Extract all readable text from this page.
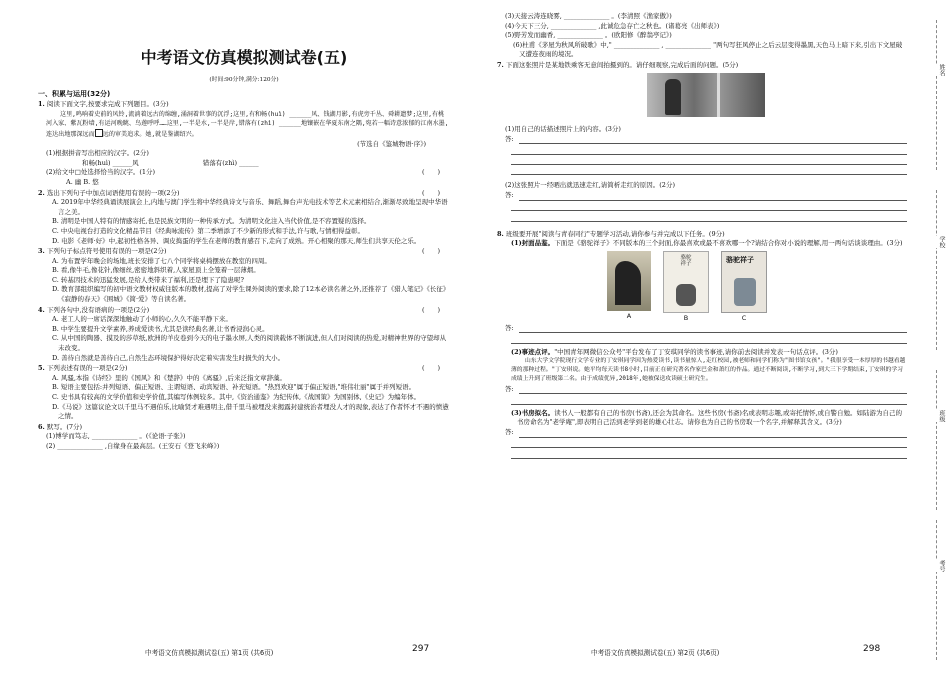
中考语文仿真模拟测试卷(五)
(时间:90分钟,满分:120分)
一、积累与运用(32分)
1. 阅读下面文字,按要求完成下列题目。(3分)
这里,鸣响着史前的风铃,流淌着远古的绵缠,涌洞着世事的沉浮;这里,有和畅(huì) ______风、钱湖月影,有虎旁千丛、舜耕遗梦;这里,有桃河入家、紫瓦粉墙,有运河晚眺、鸟莲呼呼……这里,一半是水,一半是岸,错落有(zhì) ______地镶嵌在华夏东南之隅,宛若一幅诗意浓郁的江南水墨,连达出地那深远而 远的审美追求。她,就是鉴湖绍兴。
(节选自《鉴城物语·序》)
(1)根据拼音写出相应的汉字。(2分)
和畅(huì) ______风	错落有(zhì) ______
(2)给文中□处选择恰当的汉字。(1分)	(　　)
A. 幽 B. 悠
2. 选出下列句子中加点词语使用有误的一项(2分)	(　　)
A. 2019年中华经典诵读展演会上,内地与澳门学生将中华经典诗文与音乐、舞蹈,舞台声光电技术等艺术元素相结合,渐渐尽致地呈现中华语言之美。
B. 清明是中国人特有的情感寄托,也是民族文明的一种传承方式。为清明文化注入当代价值,是不容置疑的选择。
C. 中央电视台打造的文化精品节目《经典咏流传》第二季增添了不少新的形式和手法,许与歌,与情相得益彰。
D. 电影《老师·好》中,起初性格各异、调皮捣蛋的学生在老师的教育感召下,走向了成熟。开心相聚的那天,师生们共享天伦之乐。
3. 下列句子标点符号使用有误的一项是(2分)	(　　)
A. 为布置学年晚会的场地,班长安排了七八个同学将桌椅摆放在教室的四周。
B. 看,像牛毛,像花针,像细丝,密密地斜织着,人家屋顶上全笼着一层薄烟。
C. 转基因技术的迅猛发展,是给人类带来了福利,还是埋下了隐患呢?
D. 教育部组织编写的初中语文教材权威往版本的教材,提高了对学生课外阅读的要求,除了12本必读名著之外,还推荐了《猎人笔记》《长征》《寂静的春天》《围城》《简·爱》等自读名著。
4. 下列各句中,没有语病的一项是(2分)	(　　)
A. 老工人的一席话深深地触动了小师的心,久久不能平静下来。
B. 中学生要提升文学素养,养成爱读书,尤其是读经典名著,让书香浸润心灵。
C. 从中国的陶器、摸及的莎草纸,欧洲的羊皮卷到今天的电子墨水屏,人类的阅读载体不断演进,但人们对阅读的热爱,对精神世界的守望却从未改变。
D. 善待自然就是善待自己,自然生态环境保护得好决定着实害发生时损失的大小。
5. 下列表述有误的一项是(2分)	(　　)
A. 风骚,本指《诗经》里的《国风》和《楚辞》中的《离骚》,后来泛指文章辞藻。
B. 短语主要包括:并列短语、偏正短语、主谓短语、动宾短语、补充短语。"热烈欢迎"属于偏正短语,"堆伟壮丽"属于并列短语。
C. 史书具有较高的文学价值和史学价值,其编写体例较多。其中,《资治通鉴》为纪传体,《战国策》为国别体,《史记》为编年体。
D.《马说》这篇议论文以千里马不遇伯乐,比喻贤才难遇明主,借千里马被埋没来揭露封建统治者埋没人才的现象,表达了作者怀才不遇的愤懑之情。
6. 默写。(7分)
(1)博学而笃志, ______________ 。(《论语·子张》)
(2) ______________ ,自缘身在最高层。(王安石《登飞来峰》)
中考语文仿真模拟测试卷(五) 第1页 (共6页)	297
(3)天接云涛连晓雾, ______________ 。(李清照《渔家傲》)
(4)今天下三分, ______________ ,此诚危急存亡之秋也。(诸葛亮《出师表》)
(5)野芳发而幽香, ______________ 。(欧阳修《醉翁亭记》)
(6)杜甫《茅屋为秋风所破歌》中," ______________ , ______________ "两句写狂风停止之后云层变得墨黑,天色马上暗下来,引出下文屋破又遭连夜雨的境况。
7. 下面这张照片是某地铁乘客无意间拍摄到的。请仔细观察,完成后面的问题。(5分)
(1)用自己的话描述照片上的内容。(3分)
答:
(2)这张照片一经晒出就迅速走红,请简析走红的原因。(2分)
答:
8. 班级要开展"阅读与青春同行"专题学习活动,请你参与并完成以下任务。(9分)
(1)封面品鉴。下面是《骆驼祥子》不同版本的三个封面,你最喜欢或最不喜欢哪一个?请结合你对小说的理解,用一两句话谈谈理由。(3分)
A
骆驼祥子
B
骆驼祥子
C
答:
(2)事迹点评。"中国青年网微信公众号"平台发布了丁安琪同学的读书事迹,请你前去阅读并发表一句话点评。(3分)
山东大学文学院现行文学专业的丁安琪同学因为热爱读书,读书量惊人,走红校园,被老师和同学们称为"图书馆女孩"。"我很享受一本厚厚的书越看越薄的那种过程。"丁安琪说。她平均每天读书8小时,目前正在研究著名作家巴金和萧红的作品。通过不断阅读,不断学习,到大三下学期结束,丁安琪的学习成绩上升到了班级第二名。由于成绩优异,2018年,她被保送攻读硕士研究生。
答:
(3)书房拟名。读书人一般都有自己的书房(书斋),还会为其命名。这些书房(书斋)名或表明志趣,或寄托情怀,或自警自勉。如陆游为自己的书房命名为"老学庵",即表明自己活到老学到老的雄心壮志。请你也为自己的书房取一个名字,并解释其含义。(3分)
答:
中考语文仿真模拟测试卷(五) 第2页 (共6页)	298
姓名
学校
班级
考号
